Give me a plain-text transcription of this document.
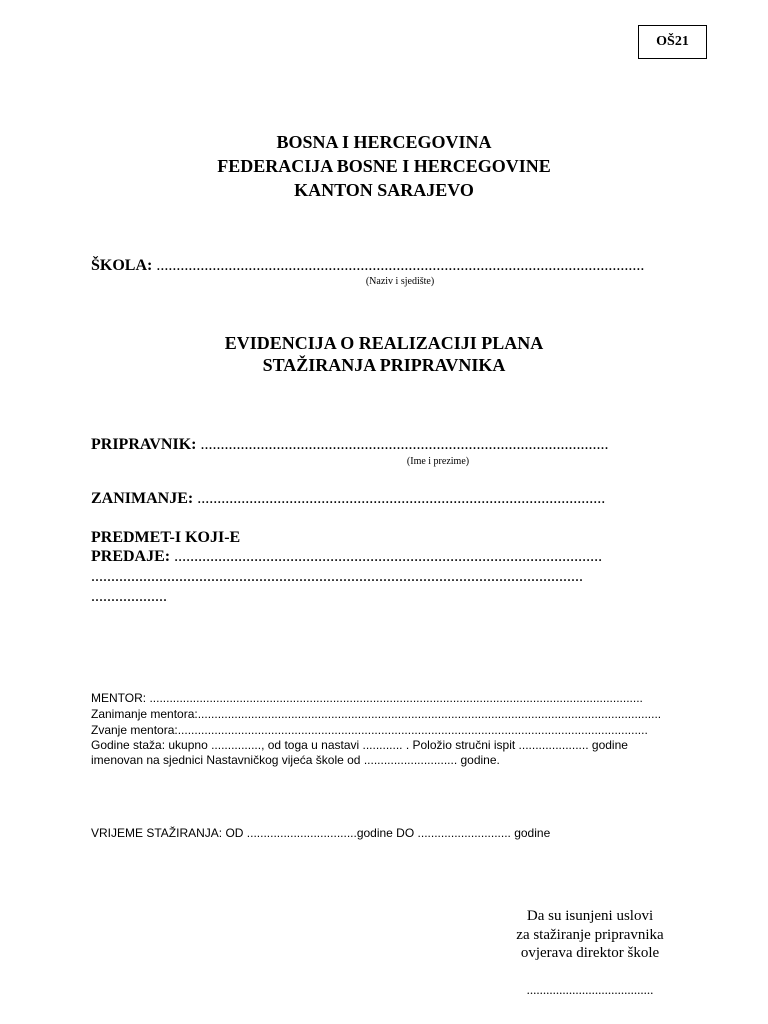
OŠ21
BOSNA I HERCEGOVINA
FEDERACIJA BOSNE I HERCEGOVINE
KANTON SARAJEVO
ŠKOLA: ..........................................................................................................................
(Naziv i sjedište)
EVIDENCIJA O REALIZACIJI PLANA
STAŽIRANJA PRIPRAVNIKA
PRIPRAVNIK: ......................................................................................................
(Ime i prezime)
ZANIMANJE: ......................................................................................................
PREDMET-I KOJI-E
PREDAJE: ...........................................................................................................
...........................................................................................................................
...................
MENTOR: ....................................................................................................................................................
Zanimanje mentora:...........................................................................................................................................
Zvanje mentora:.............................................................................................................................................
Godine staža: ukupno ..............., od toga u nastavi ............ . Položio stručni ispit ..................... godine
imenovan na sjednici Nastavničkog vijeća škole od ............................ godine.
VRIJEME STAŽIRANJA: OD .................................godine DO ............................ godine
Da su isunjeni uslovi
za stažiranje pripravnika
ovjerava direktor škole
.......................................
